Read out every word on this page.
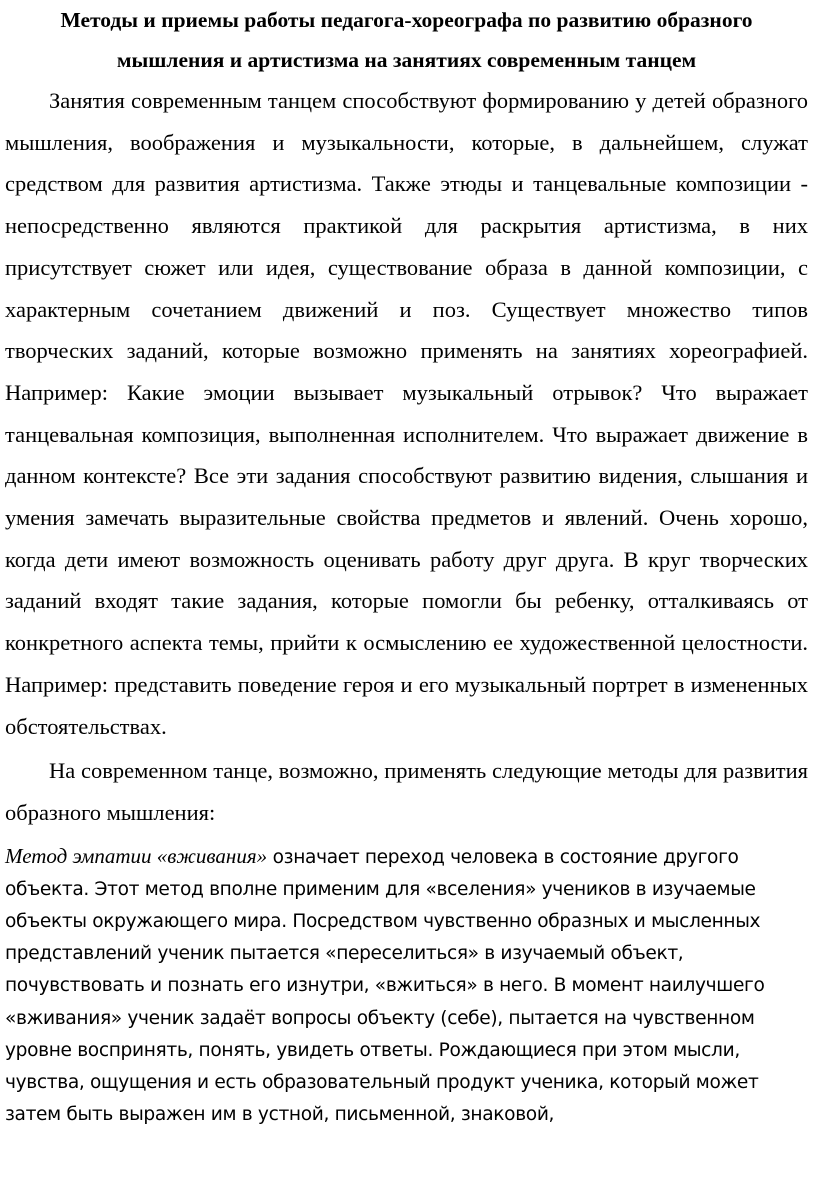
Методы и приемы работы педагога-хореографа по развитию образного
мышления и артистизма на занятиях современным танцем

Занятия современным танцем способствуют формированию у детей образного мышления, воображения и музыкальности, которые, в дальнейшем, служат средством для развития артистизма. Также этюды и танцевальные композиции - непосредственно являются практикой для раскрытия артистизма, в них присутствует сюжет или идея, существование образа в данной композиции, с характерным сочетанием движений и поз. Существует множество типов творческих заданий, которые возможно применять на занятиях хореографией. Например: Какие эмоции вызывает музыкальный отрывок? Что выражает танцевальная композиция, выполненная исполнителем. Что выражает движение в данном контексте? Все эти задания способствуют развитию видения, слышания и умения замечать выразительные свойства предметов и явлений. Очень хорошо, когда дети имеют возможность оценивать работу друг друга. В круг творческих заданий входят такие задания, которые помогли бы ребенку, отталкиваясь от конкретного аспекта темы, прийти к осмыслению ее художественной целостности. Например: представить поведение героя и его музыкальный портрет в измененных обстоятельствах.

На современном танце, возможно, применять следующие методы для развития образного мышления:

Метод эмпатии «вживания» означает переход человека в состояние другого объекта. Этот метод вполне применим для «вселения» учеников в изучаемые объекты окружающего мира. Посредством чувственно образных и мысленных представлений ученик пытается «переселиться» в изучаемый объект, почувствовать и познать его изнутри, «вжиться» в него. В момент наилучшего «вживания» ученик задаёт вопросы объекту (себе), пытается на чувственном уровне воспринять, понять, увидеть ответы. Рождающиеся при этом мысли, чувства, ощущения и есть образовательный продукт ученика, который может затем быть выражен им в устной, письменной, знаковой,
